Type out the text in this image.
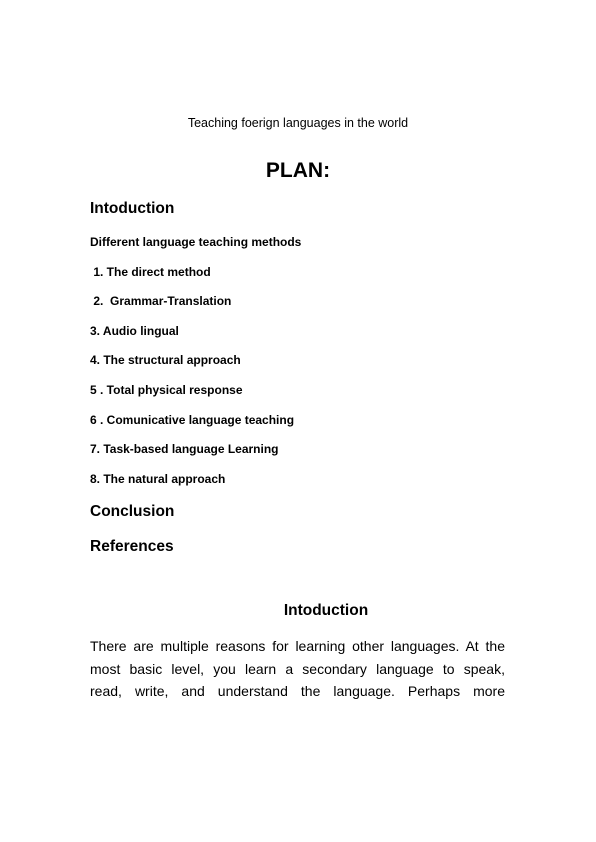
Teaching foerign languages in the world
PLAN:
Intoduction
Different language teaching methods
1. The direct method
2.  Grammar-Translation
3. Audio lingual
4. The structural approach
5 . Total physical response
6 . Comunicative language teaching
7. Task-based language Learning
8. The natural approach
Conclusion
References
Intoduction
There are multiple reasons for learning other languages. At the
most basic level, you learn a secondary language to speak,
read, write, and understand the language. Perhaps more
